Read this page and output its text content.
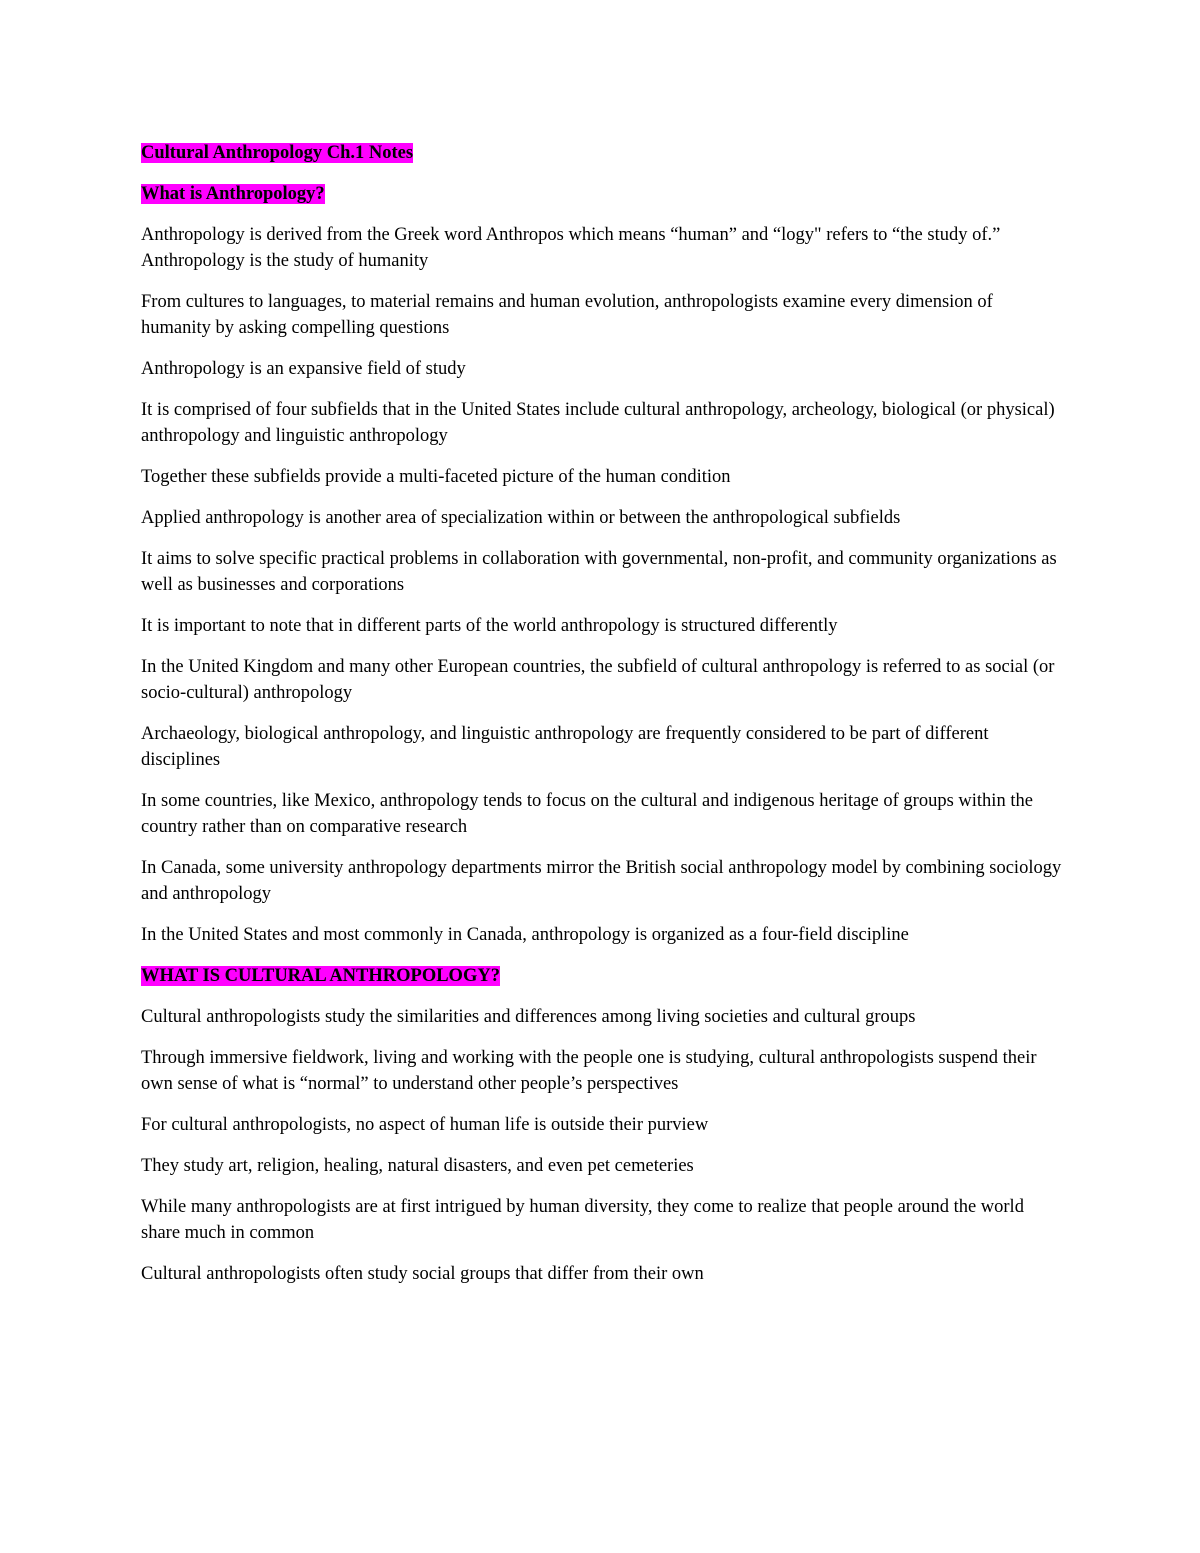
Cultural Anthropology Ch.1 Notes
What is Anthropology?

Anthropology is derived from the Greek word Anthropos which means “human” and “logy" refers to “the study of.” Anthropology is the study of humanity

From cultures to languages, to material remains and human evolution, anthropologists examine every dimension of humanity by asking compelling questions

Anthropology is an expansive field of study

It is comprised of four subfields that in the United States include cultural anthropology, archeology, biological (or physical) anthropology and linguistic anthropology

Together these subfields provide a multi-faceted picture of the human condition

Applied anthropology is another area of specialization within or between the anthropological subfields

It aims to solve specific practical problems in collaboration with governmental, non-profit, and community organizations as well as businesses and corporations

It is important to note that in different parts of the world anthropology is structured differently

In the United Kingdom and many other European countries, the subfield of cultural anthropology is referred to as social (or socio-cultural) anthropology

Archaeology, biological anthropology, and linguistic anthropology are frequently considered to be part of different disciplines

In some countries, like Mexico, anthropology tends to focus on the cultural and indigenous heritage of groups within the country rather than on comparative research

In Canada, some university anthropology departments mirror the British social anthropology model by combining sociology and anthropology

In the United States and most commonly in Canada, anthropology is organized as a four-field discipline

WHAT IS CULTURAL ANTHROPOLOGY?

Cultural anthropologists study the similarities and differences among living societies and cultural groups

Through immersive fieldwork, living and working with the people one is studying, cultural anthropologists suspend their own sense of what is “normal” to understand other people’s perspectives

For cultural anthropologists, no aspect of human life is outside their purview

They study art, religion, healing, natural disasters, and even pet cemeteries

While many anthropologists are at first intrigued by human diversity, they come to realize that people around the world share much in common

Cultural anthropologists often study social groups that differ from their own
